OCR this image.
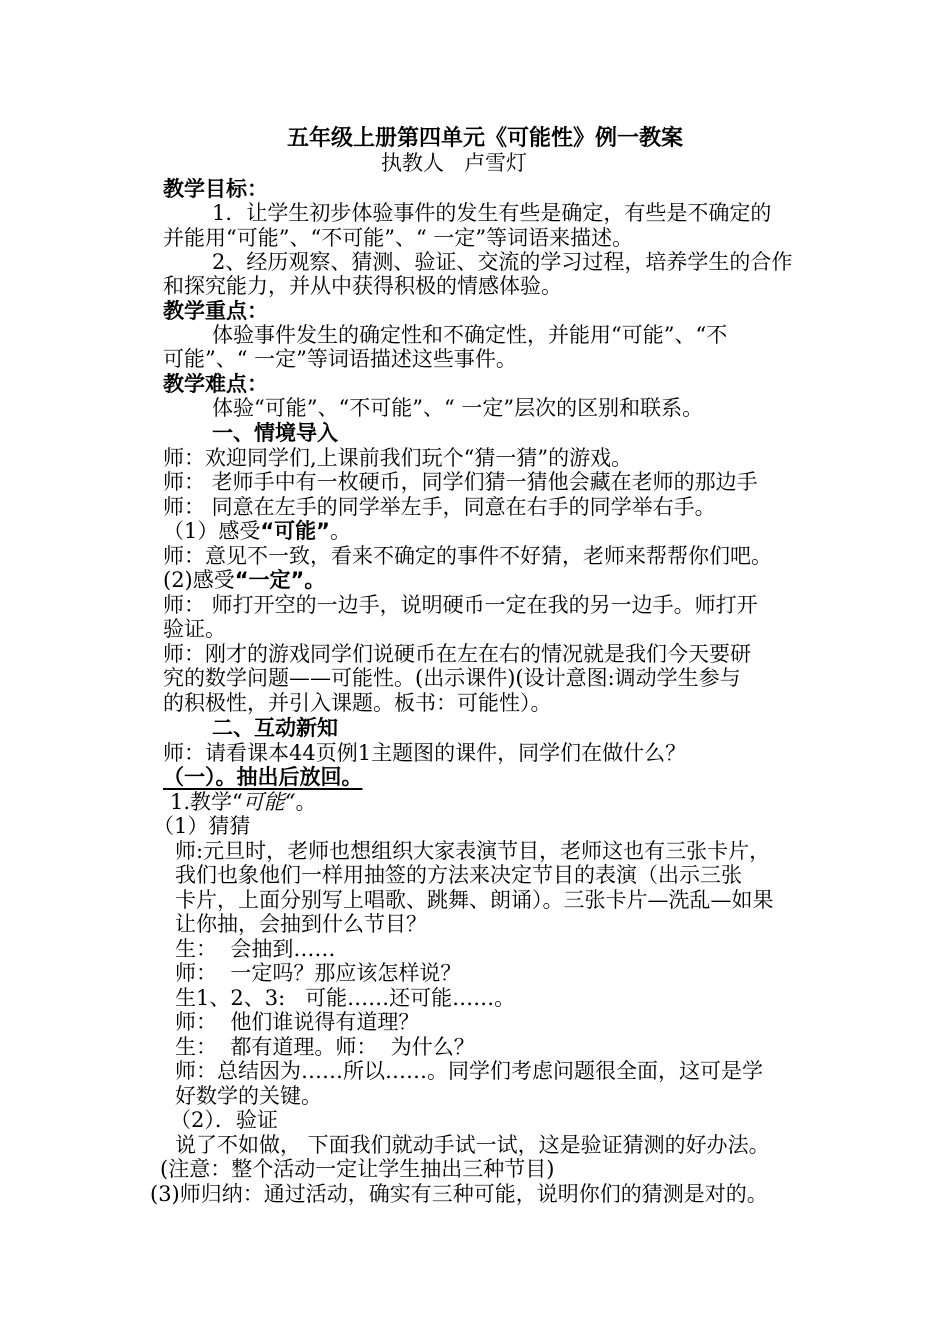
五年级上册第四单元《可能性》例一教案
执教人   卢雪灯
教学目标：
1．让学生初步体验事件的发生有些是确定，有些是不确定的
并能用“可能”、“不可能”、“ 一定”等词语来描述。
2、经历观察、猜测、验证、交流的学习过程，培养学生的合作
和探究能力，并从中获得积极的情感体验。
教学重点：
体验事件发生的确定性和不确定性，并能用“可能”、“不
可能”、“ 一定”等词语描述这些事件。
教学难点：
体验“可能”、“不可能”、“ 一定”层次的区别和联系。
一、情境导入
师：欢迎同学们,上课前我们玩个“猜一猜”的游戏。
师： 老师手中有一枚硬币，同学们猜一猜他会藏在老师的那边手
师： 同意在左手的同学举左手，同意在右手的同学举右手。
（1）感受“可能”。
师：意见不一致，看来不确定的事件不好猜，老师来帮帮你们吧。
(2)感受“一定”。
师： 师打开空的一边手，说明硬币一定在我的另一边手。师打开
验证。
师：刚才的游戏同学们说硬币在左在右的情况就是我们今天要研
究的数学问题——可能性。(出示课件)(设计意图:调动学生参与
的积极性，并引入课题。板书：可能性）。
二、互动新知
师：请看课本44页例1主题图的课件，同学们在做什么？
（一）。抽出后放回。
1.教学“可能“。
（1）猜猜
师:元旦时，老师也想组织大家表演节目，老师这也有三张卡片，
我们也象他们一样用抽签的方法来决定节目的表演（出示三张
卡片，上面分别写上唱歌、跳舞、朗诵）。三张卡片—洗乱—如果
让你抽，会抽到什么节目？
生：  会抽到……
师：  一定吗？那应该怎样说？
生1、2、3:   可能……还可能……。
师：  他们谁说得有道理？
生：  都有道理。师：  为什么？
师：总结因为……所以……。同学们考虑问题很全面，这可是学
好数学的关键。
（2）．验证
说了不如做， 下面我们就动手试一试，这是验证猜测的好办法。
(注意：整个活动一定让学生抽出三种节目)
(3)师归纳：通过活动，确实有三种可能，说明你们的猜测是对的。
